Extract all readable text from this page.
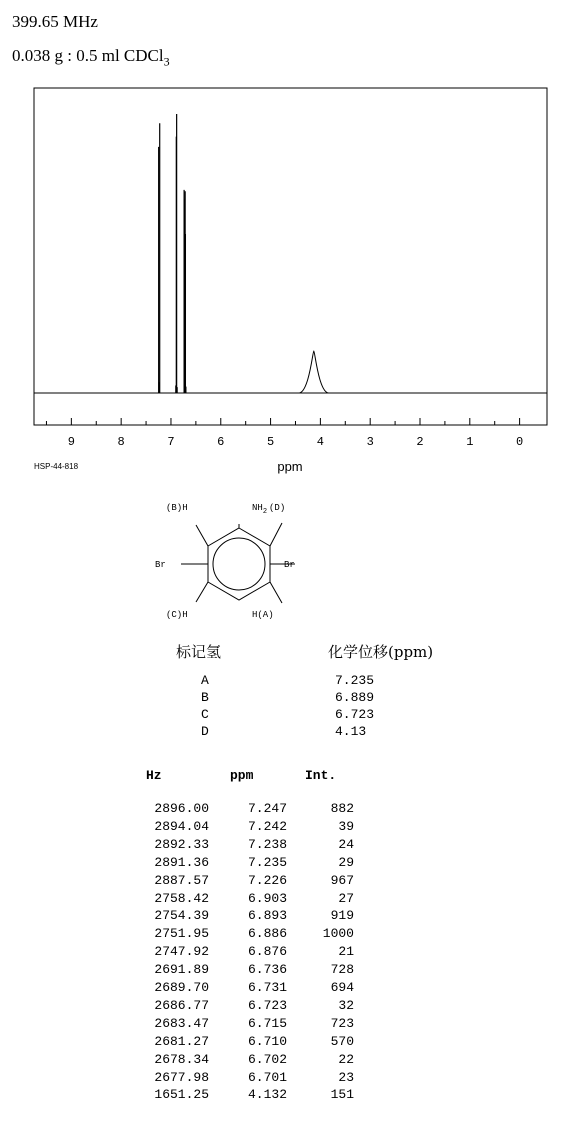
399.65 MHz
0.038 g : 0.5 ml CDCl$_3$
9	8	7	6	5	4	3	2	1	0
ppm
HSP-44-818
(B)H	$NH_2$ (D)
Br	Br
(C)H	H(A)
标记氢	化学位移(ppm)
A	7.235
B	6.889
C	6.723
D	4.13
Hz	ppm	Int.
2896.00	7.247	882
2894.04	7.242	39
2892.33	7.238	24
2891.36	7.235	29
2887.57	7.226	967
2758.42	6.903	27
2754.39	6.893	919
2751.95	6.886	1000
2747.92	6.876	21
2691.89	6.736	728
2689.70	6.731	694
2686.77	6.723	32
2683.47	6.715	723
2681.27	6.710	570
2678.34	6.702	22
2677.98	6.701	23
1651.25	4.132	151
